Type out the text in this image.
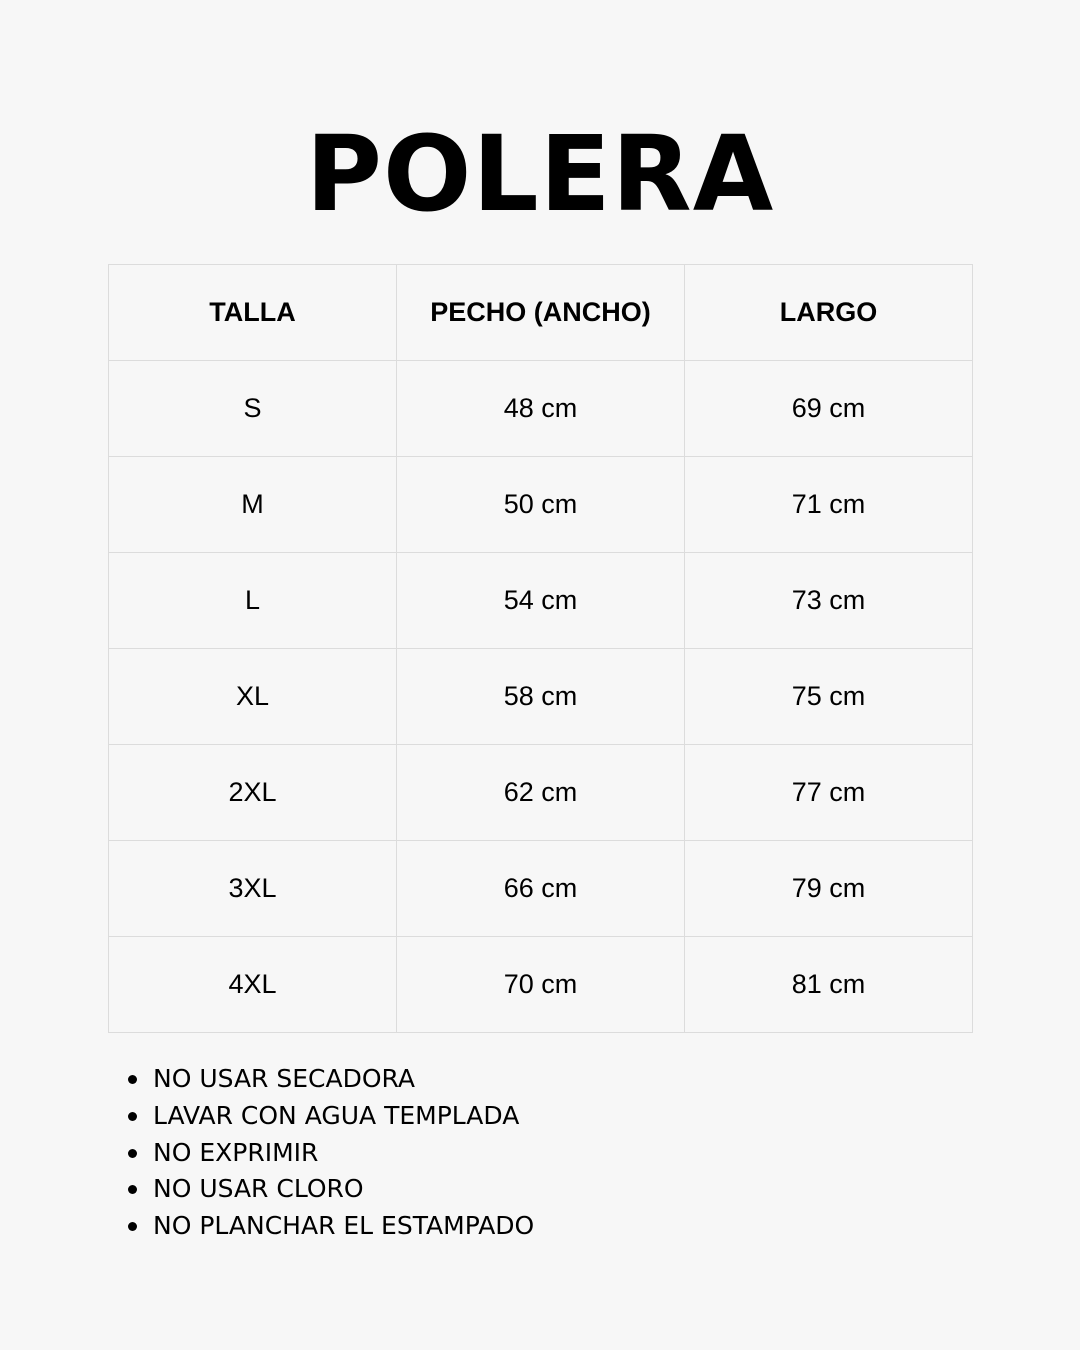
POLERA
TALLA	PECHO (ANCHO)	LARGO
S	48 cm	69 cm
M	50 cm	71 cm
L	54 cm	73 cm
XL	58 cm	75 cm
2XL	62 cm	77 cm
3XL	66 cm	79 cm
4XL	70 cm	81 cm
NO USAR SECADORA
LAVAR CON AGUA TEMPLADA
NO EXPRIMIR
NO USAR CLORO
NO PLANCHAR EL ESTAMPADO
